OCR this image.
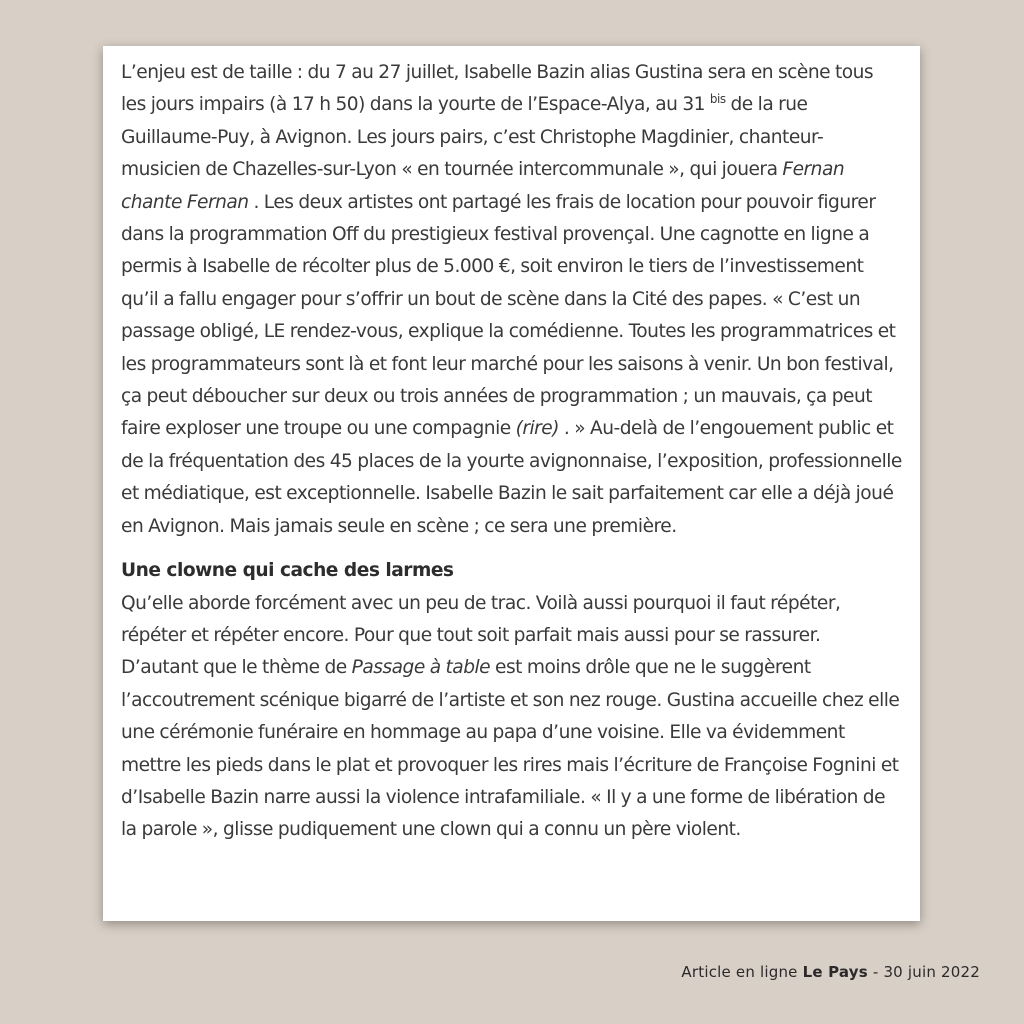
L’enjeu est de taille : du 7 au 27 juillet, Isabelle Bazin alias Gustina sera en scène tous les jours impairs (à 17 h 50) dans la yourte de l’Espace-Alya, au 31 $^{bis}$ de la rue Guillaume-Puy, à Avignon. Les jours pairs, c’est Christophe Magdinier, chanteur-musicien de Chazelles-sur-Lyon « en tournée intercommunale », qui jouera Fernan chante Fernan . Les deux artistes ont partagé les frais de location pour pouvoir figurer dans la programmation Off du prestigieux festival provençal. Une cagnotte en ligne a permis à Isabelle de récolter plus de 5.000 €, soit environ le tiers de l’investissement qu’il a fallu engager pour s’offrir un bout de scène dans la Cité des papes. « C’est un passage obligé, LE rendez-vous, explique la comédienne. Toutes les programmatrices et les programmateurs sont là et font leur marché pour les saisons à venir. Un bon festival, ça peut déboucher sur deux ou trois années de programmation ; un mauvais, ça peut faire exploser une troupe ou une compagnie (rire) . » Au-delà de l’engouement public et de la fréquentation des 45 places de la yourte avignonnaise, l’exposition, professionnelle et médiatique, est exceptionnelle. Isabelle Bazin le sait parfaitement car elle a déjà joué en Avignon. Mais jamais seule en scène ; ce sera une première.

Une clowne qui cache des larmes

Qu’elle aborde forcément avec un peu de trac. Voilà aussi pourquoi il faut répéter, répéter et répéter encore. Pour que tout soit parfait mais aussi pour se rassurer. D’autant que le thème de Passage à table est moins drôle que ne le suggèrent l’accoutrement scénique bigarré de l’artiste et son nez rouge. Gustina accueille chez elle une cérémonie funéraire en hommage au papa d’une voisine. Elle va évidemment mettre les pieds dans le plat et provoquer les rires mais l’écriture de Françoise Fognini et d’Isabelle Bazin narre aussi la violence intrafamiliale. « Il y a une forme de libération de la parole », glisse pudiquement une clown qui a connu un père violent.

Article en ligne Le Pays - 30 juin 2022
